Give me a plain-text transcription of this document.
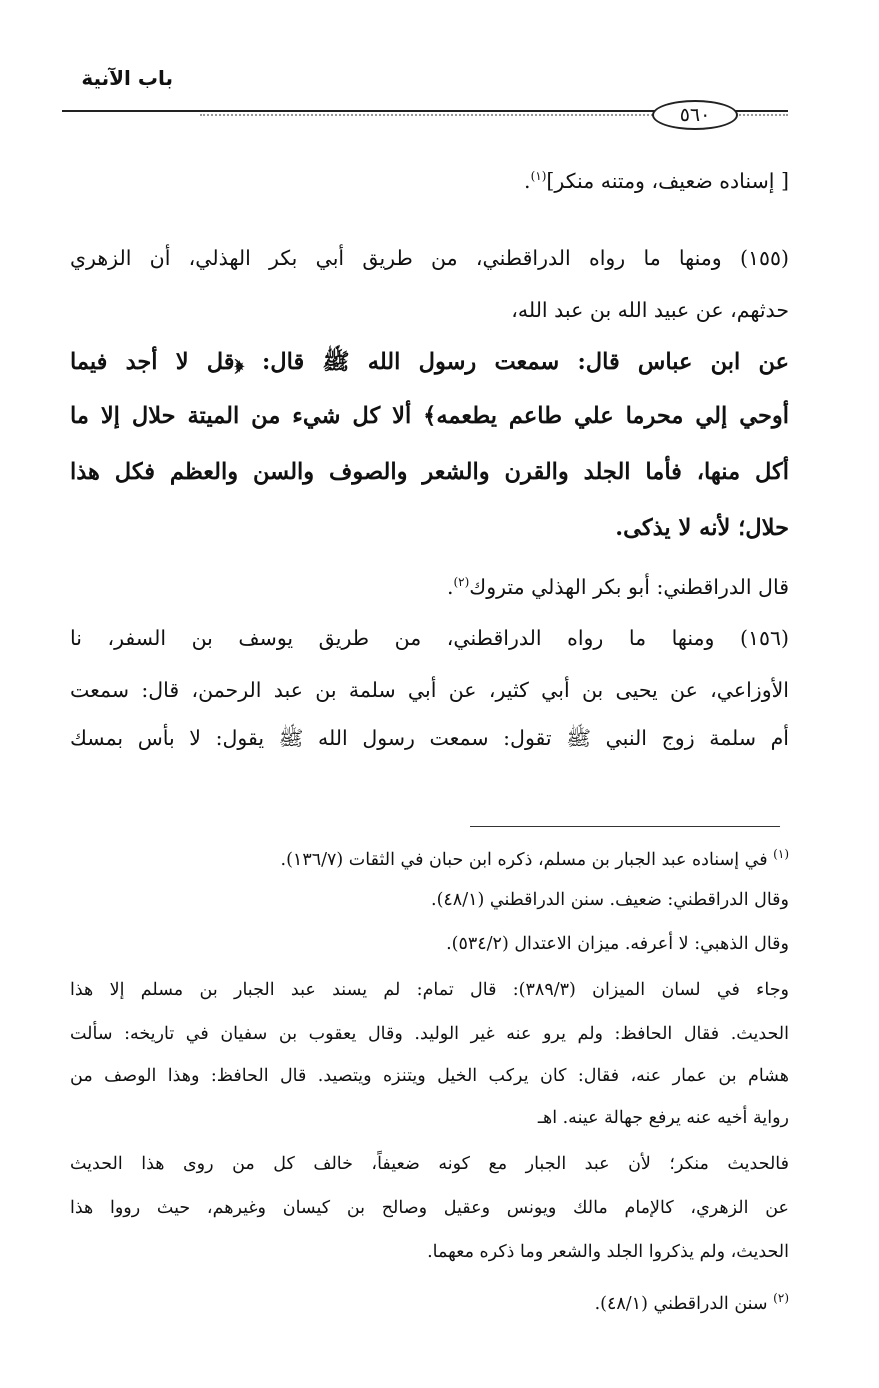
باب الآنية
٥٦٠
[ إسناده ضعيف، ومتنه منكر]$^{(١)}$.
(١٥٥) ومنها ما رواه الدراقطني، من طريق أبي بكر الهذلي، أن الزهري
حدثهم، عن عبيد الله بن عبد الله،
عن ابن عباس قال: سمعت رسول الله ﷺ قال: ﴿قل لا أجد فيما
أوحي إلي محرما علي طاعم يطعمه﴾ ألا كل شيء من الميتة حلال إلا ما
أكل منها، فأما الجلد والقرن والشعر والصوف والسن والعظم فكل هذا
حلال؛ لأنه لا يذكى.
قال الدراقطني: أبو بكر الهذلي متروك$^{(٢)}$.
(١٥٦) ومنها ما رواه الدراقطني، من طريق يوسف بن السفر، نا
الأوزاعي، عن يحيى بن أبي كثير، عن أبي سلمة بن عبد الرحمن، قال: سمعت
أم سلمة زوج النبي ﷺ تقول: سمعت رسول الله ﷺ يقول: لا بأس بمسك
$^{(١)}$ في إسناده عبد الجبار بن مسلم، ذكره ابن حبان في الثقات (١٣٦/٧).
وقال الدراقطني: ضعيف. سنن الدراقطني (٤٨/١).
وقال الذهبي: لا أعرفه. ميزان الاعتدال (٥٣٤/٢).
وجاء في لسان الميزان (٣٨٩/٣): قال تمام: لم يسند عبد الجبار بن مسلم إلا هذا
الحديث. فقال الحافظ: ولم يرو عنه غير الوليد. وقال يعقوب بن سفيان في تاريخه: سألت
هشام بن عمار عنه، فقال: كان يركب الخيل ويتنزه ويتصيد. قال الحافظ: وهذا الوصف من
رواية أخيه عنه يرفع جهالة عينه. اهـ
فالحديث منكر؛ لأن عبد الجبار مع كونه ضعيفاً، خالف كل من روى هذا الحديث
عن الزهري، كالإمام مالك ويونس وعقيل وصالح بن كيسان وغيرهم، حيث رووا هذا
الحديث، ولم يذكروا الجلد والشعر وما ذكره معهما.
$^{(٢)}$ سنن الدراقطني (٤٨/١).
